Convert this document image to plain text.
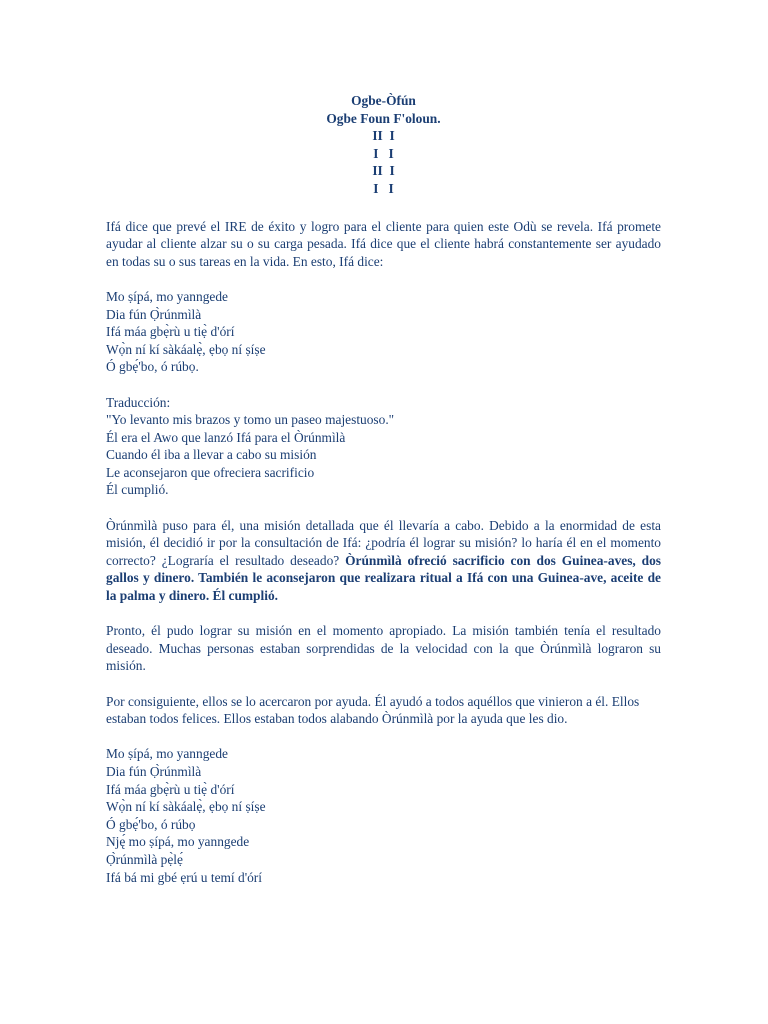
Ogbe-Òfún
Ogbe Foun F'oloun.
II  I
I   I
II  I
I   I

Ifá dice que prevé el IRE de éxito y logro para el cliente para quien este Odù se revela. Ifá promete ayudar al cliente alzar su o su carga pesada. Ifá dice que el cliente habrá constantemente ser ayudado en todas su o sus tareas en la vida. En esto, Ifá dice:

Mo ṣípá, mo yanngede
Dia fún Ọ̀rúnmìlà
Ifá máa gbẹ̀rù u tiẹ̀ d'órí
Wọ̀n ní kí sàkáalẹ̀, ẹbọ ní ṣíṣe
Ó gbẹ́'bo, ó rúbọ.
Traducción:
"Yo levanto mis brazos y tomo un paseo majestuoso."
Él era el Awo que lanzó Ifá para el Òrúnmìlà
Cuando él iba a llevar a cabo su misión
Le aconsejaron que ofreciera sacrificio
Él cumplió.

Òrúnmìlà puso para él, una misión detallada que él llevaría a cabo. Debido a la enormidad de esta misión, él decidió ir por la consultación de Ifá: ¿podría él lograr su misión? lo haría él en el momento correcto? ¿Lograría el resultado deseado? Òrúnmìlà ofreció sacrificio con dos Guinea-aves, dos gallos y dinero. También le aconsejaron que realizara ritual a Ifá con una Guinea-ave, aceite de la palma y dinero. Él cumplió.

Pronto, él pudo lograr su misión en el momento apropiado. La misión también tenía el resultado deseado. Muchas personas estaban sorprendidas de la velocidad con la que Òrúnmìlà lograron su misión.

Por consiguiente, ellos se lo acercaron por ayuda. Él ayudó a todos aquéllos que vinieron a él. Ellos estaban todos felices. Ellos estaban todos alabando Òrúnmìlà por la ayuda que les dio.

Mo ṣípá, mo yanngede
Dia fún Ọ̀rúnmìlà
Ifá máa gbẹ̀rù u tiẹ̀ d'órí
Wọ̀n ní kí sàkáalẹ̀, ẹbọ ní ṣíṣe
Ó gbẹ́'bo, ó rúbọ
Nję́ mo ṣípá, mo yanngede
Ọ̀rúnmìlà pẹ̀lẹ́
Ifá bá mi gbé ẹrú u temí d'órí
